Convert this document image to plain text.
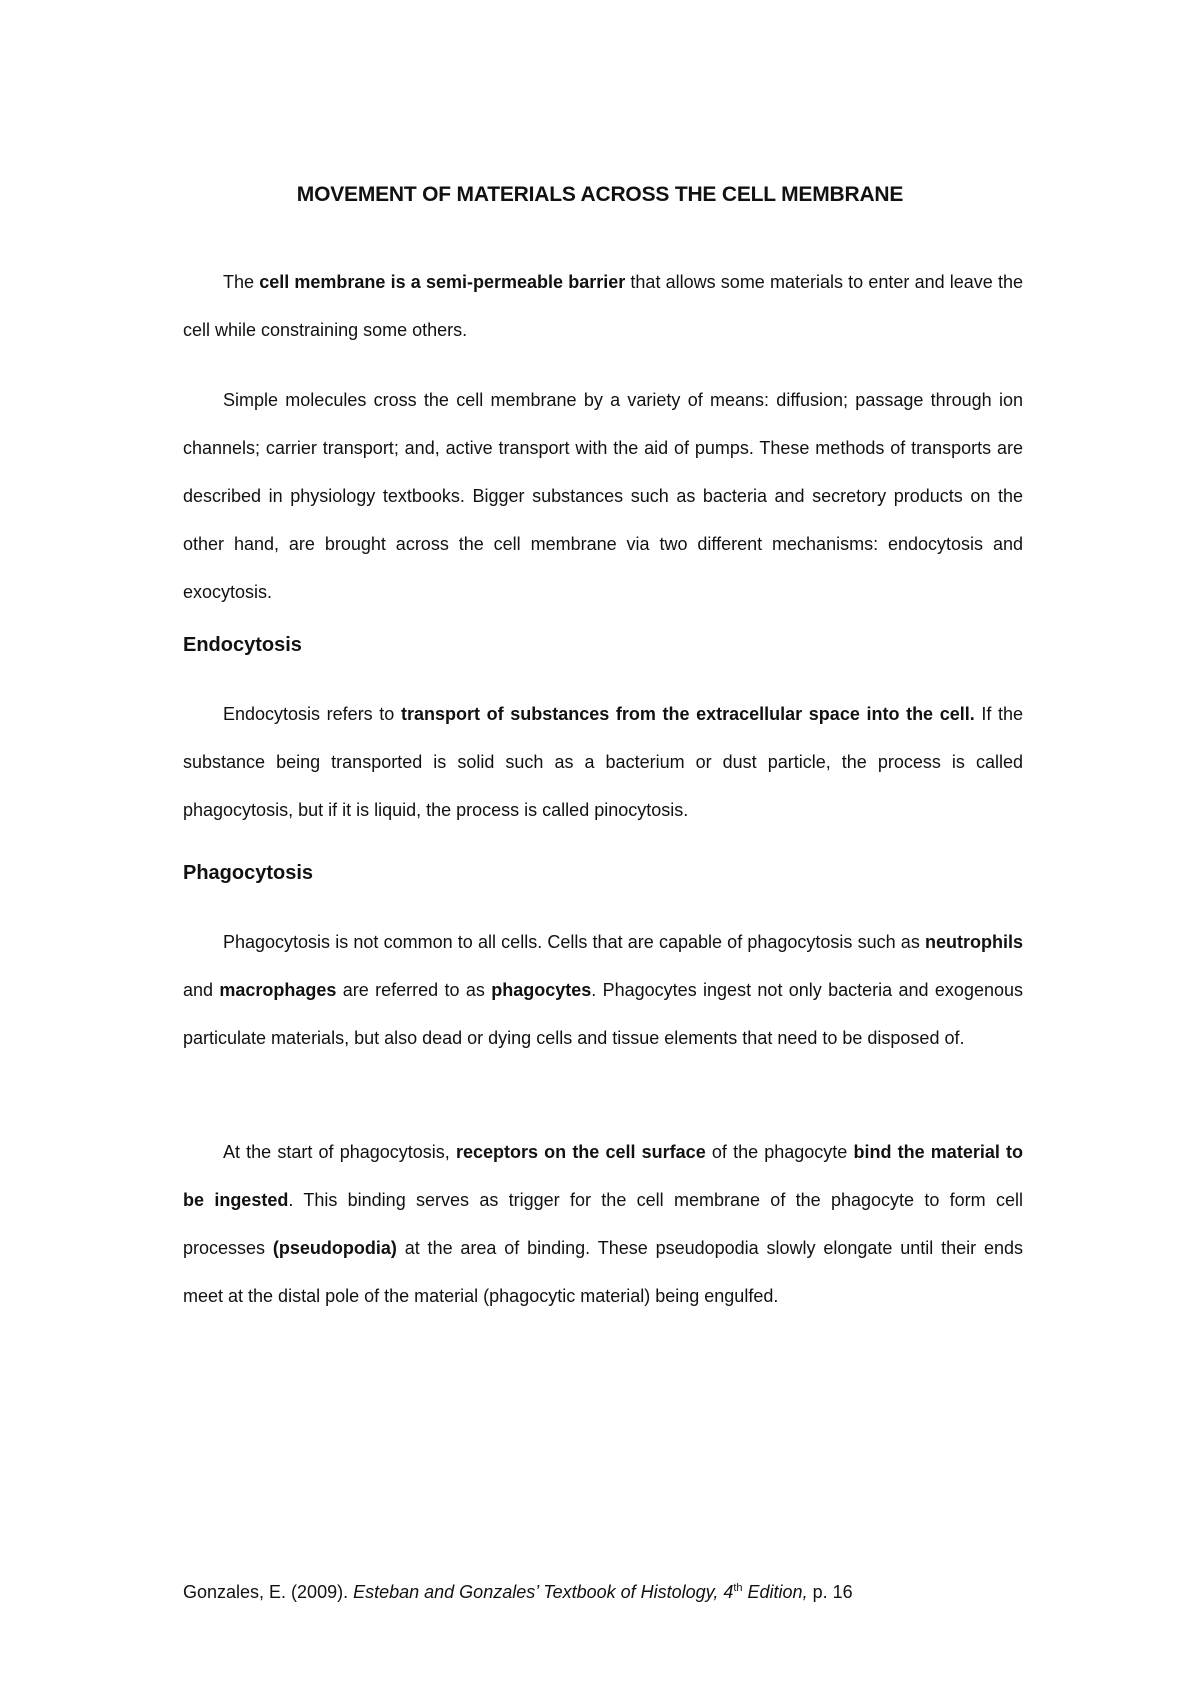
MOVEMENT OF MATERIALS ACROSS THE CELL MEMBRANE
The cell membrane is a semi-permeable barrier that allows some materials to enter and leave the cell while constraining some others.
Simple molecules cross the cell membrane by a variety of means: diffusion; passage through ion channels; carrier transport; and, active transport with the aid of pumps. These methods of transports are described in physiology textbooks. Bigger substances such as bacteria and secretory products on the other hand, are brought across the cell membrane via two different mechanisms: endocytosis and exocytosis.
Endocytosis
Endocytosis refers to transport of substances from the extracellular space into the cell. If the substance being transported is solid such as a bacterium or dust particle, the process is called phagocytosis, but if it is liquid, the process is called pinocytosis.
Phagocytosis
Phagocytosis is not common to all cells. Cells that are capable of phagocytosis such as neutrophils and macrophages are referred to as phagocytes. Phagocytes ingest not only bacteria and exogenous particulate materials, but also dead or dying cells and tissue elements that need to be disposed of.
At the start of phagocytosis, receptors on the cell surface of the phagocyte bind the material to be ingested. This binding serves as trigger for the cell membrane of the phagocyte to form cell processes (pseudopodia) at the area of binding. These pseudopodia slowly elongate until their ends meet at the distal pole of the material (phagocytic material) being engulfed.
Gonzales, E. (2009). Esteban and Gonzales’ Textbook of Histology, 4th Edition, p. 16
